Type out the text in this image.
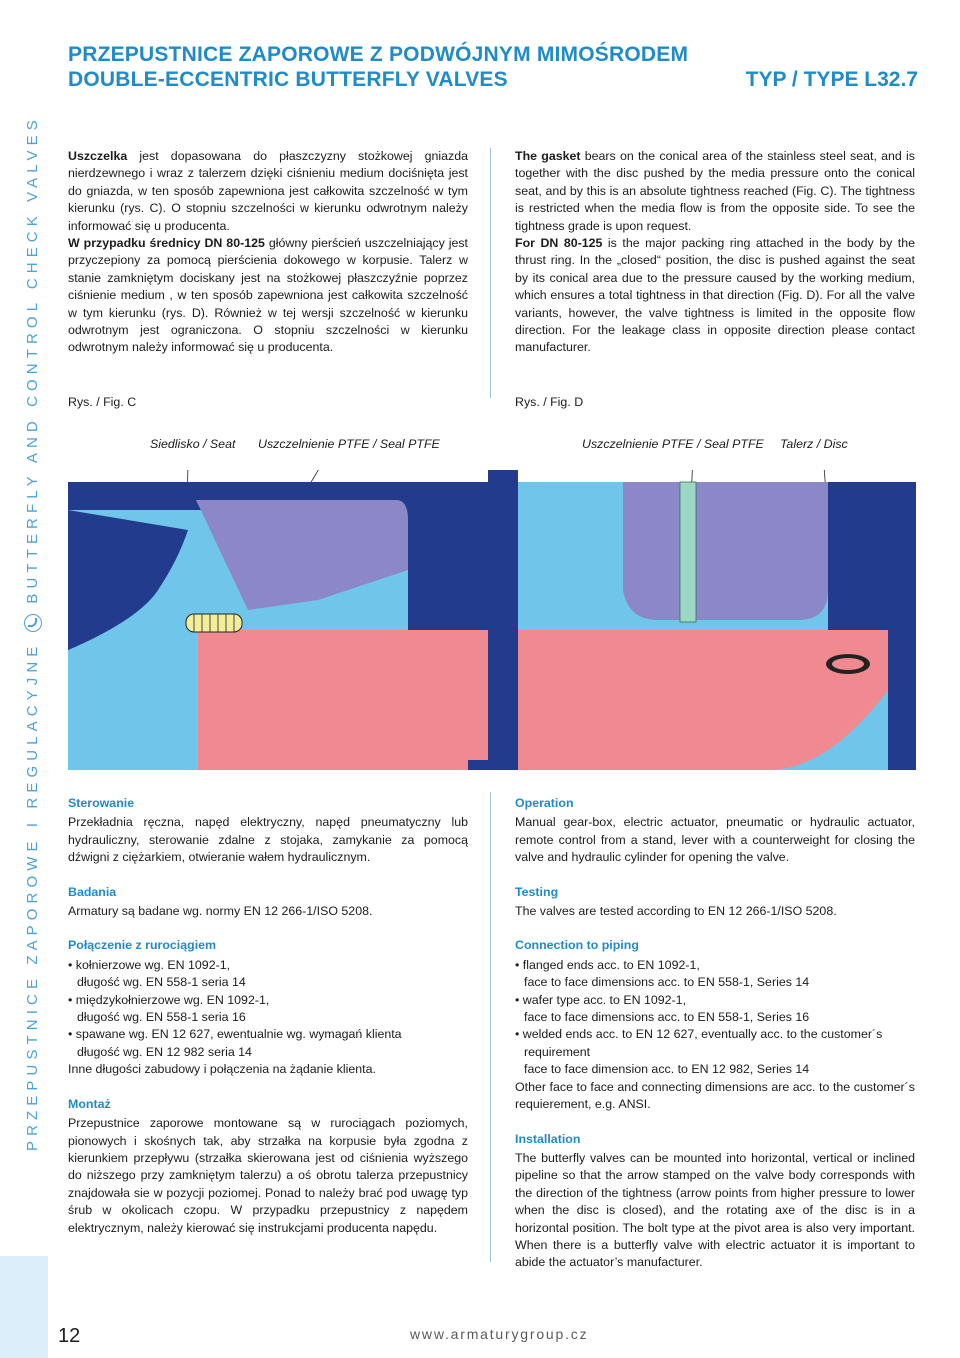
PRZEPUSTNICE ZAPOROWE I REGULACYJNEBUTTERFLY AND CONTROL CHECK VALVES
PRZEPUSTNICE ZAPOROWE Z PODWÓJNYM MIMOŚRODEM
DOUBLE-ECCENTRIC BUTTERFLY VALVES	TYP / TYPE L32.7

Uszczelka jest dopasowana do płaszczyzny stożkowej gniazda nierdzewnego i wraz z talerzem dzięki ciśnieniu medium dociśnięta jest do gniazda, w ten sposób zapewniona jest całkowita szczelność w tym kierunku (rys. C). O stopniu szczelności w kierunku odwrotnym należy informować się u producenta.

W przypadku średnicy DN 80-125 główny pierścień uszczelniający jest przyczepiony za pomocą pierścienia dokowego w korpusie. Talerz w stanie zamkniętym dociskany jest na stożkowej płaszczyźnie poprzez ciśnienie medium , w ten sposób zapewniona jest całkowita szczelność w tym kierunku (rys. D). Również w tej wersji szczelność w kierunku odwrotnym jest ograniczona. O stopniu szczelności w kierunku odwrotnym należy informować się u producenta.

The gasket bears on the conical area of the stainless steel seat, and is together with the disc pushed by the media pressure onto the conical seat, and by this is an absolute tightness reached (Fig. C). The tightness is restricted when the media flow is from the opposite side. To see the tightness grade is upon request.

For DN 80-125 is the major packing ring attached in the body by the thrust ring. In the „closed“ position, the disc is pushed against the seat by its conical area due to the pressure caused by the working medium, which ensures a total tightness in that direction (Fig. D). For all the valve variants, however, the valve tightness is limited in the opposite flow direction. For the leakage class in opposite direction please contact manufacturer.

Rys. / Fig. C	Rys. / Fig. D
Siedlisko / Seat Uszczelnienie PTFE / Seal PTFE	Uszczelnienie PTFE / Seal PTFE Talerz / Disc

Sterowanie

Przekładnia ręczna, napęd elektryczny, napęd pneumatyczny lub hydrauliczny, sterowanie zdalne z stojaka, zamykanie za pomocą dźwigni z ciężarkiem, otwieranie wałem hydraulicznym.

Badania

Armatury są badane wg. normy EN 12 266-1/ISO 5208.

Połączenie z rurociągiem

• kołnierzowe wg. EN 1092-1,
długość wg. EN 558-1 seria 14
• międzykołnierzowe wg. EN 1092-1,
długość wg. EN 558-1 seria 16
• spawane wg. EN 12 627, ewentualnie wg. wymagań klienta
długość wg. EN 12 982 seria 14

Inne długości zabudowy i połączenia na żądanie klienta.

Montaż

Przepustnice zaporowe montowane są w rurociągach poziomych, pionowych i skośnych tak, aby strzałka na korpusie była zgodna z kierunkiem przepływu (strzałka skierowana jest od ciśnienia wyższego do niższego przy zamkniętym talerzu) a oś obrotu talerza przepustnicy znajdowała sie w pozycji poziomej. Ponad to należy brać pod uwagę typ śrub w okolicach czopu. W przypadku przepustnicy z napędem elektrycznym, należy kierować się instrukcjami producenta napędu.

Operation

Manual gear-box, electric actuator, pneumatic or hydraulic actuator, remote control from a stand, lever with a counterweight for closing the valve and hydraulic cylinder for opening the valve.

Testing

The valves are tested according to EN 12 266-1/ISO 5208.

Connection to piping

• flanged ends acc. to EN 1092-1,
face to face dimensions acc. to EN 558-1, Series 14
• wafer type acc. to EN 1092-1,
face to face dimensions acc. to EN 558-1, Series 16
• welded ends acc. to EN 12 627, eventually acc. to the customer´s
requirement
face to face dimension acc. to EN 12 982, Series 14

Other face to face and connecting dimensions are acc. to the customer´s requierement, e.g. ANSI.

Installation

The butterfly valves can be mounted into horizontal, vertical or inclined pipeline so that the arrow stamped on the valve body corresponds with the direction of the tightness (arrow points from higher pressure to lower when the disc is closed), and the rotating axe of the disc is in a horizontal position. The bolt type at the pivot area is also very important. When there is a butterfly valve with electric actuator it is important to abide the actuator’s manufacturer.

12	www.armaturygroup.cz
